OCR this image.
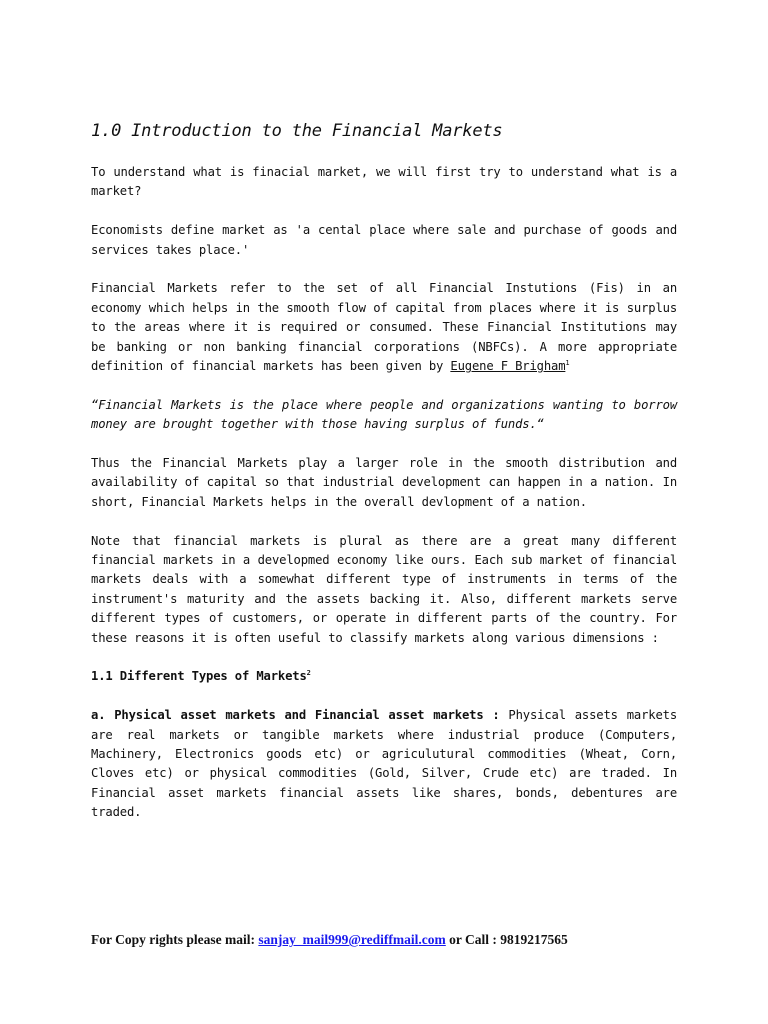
1.0 Introduction to the Financial Markets

To understand what is finacial market, we will first try to understand what is a market?

Economists define market as 'a cental place where sale and purchase of goods and services takes place.'

Financial Markets refer to the set of all Financial Instutions (Fis) in an economy which helps in the smooth flow of capital from places where it is surplus to the areas where it is required or consumed. These Financial Institutions may be banking or non banking financial corporations (NBFCs). A more appropriate definition of financial markets has been given by Eugene F Brigham$^1$

“Financial Markets is the place where people and organizations wanting to borrow money are brought together with those having surplus of funds.“

Thus the Financial Markets play a larger role in the smooth distribution and availability of capital so that industrial development can happen in a nation. In short, Financial Markets helps in the overall devlopment of a nation.

Note that financial markets is plural as there are a great many different financial markets in a developmed economy like ours. Each sub market of financial markets deals with a somewhat different type of instruments in terms of the instrument's maturity and the assets backing it. Also, different markets serve different types of customers, or operate in different parts of the country. For these reasons it is often useful to classify markets along various dimensions :

1.1 Different Types of Markets$^2$

a. Physical asset markets and Financial asset markets : Physical assets markets are real markets or tangible markets where industrial produce (Computers, Machinery, Electronics goods etc) or agriculutural commodities (Wheat, Corn, Cloves etc) or physical commodities (Gold, Silver, Crude etc) are traded. In Financial asset markets financial assets like shares, bonds, debentures are traded.

For Copy rights please mail: sanjay_mail999@rediffmail.com or Call : 9819217565
